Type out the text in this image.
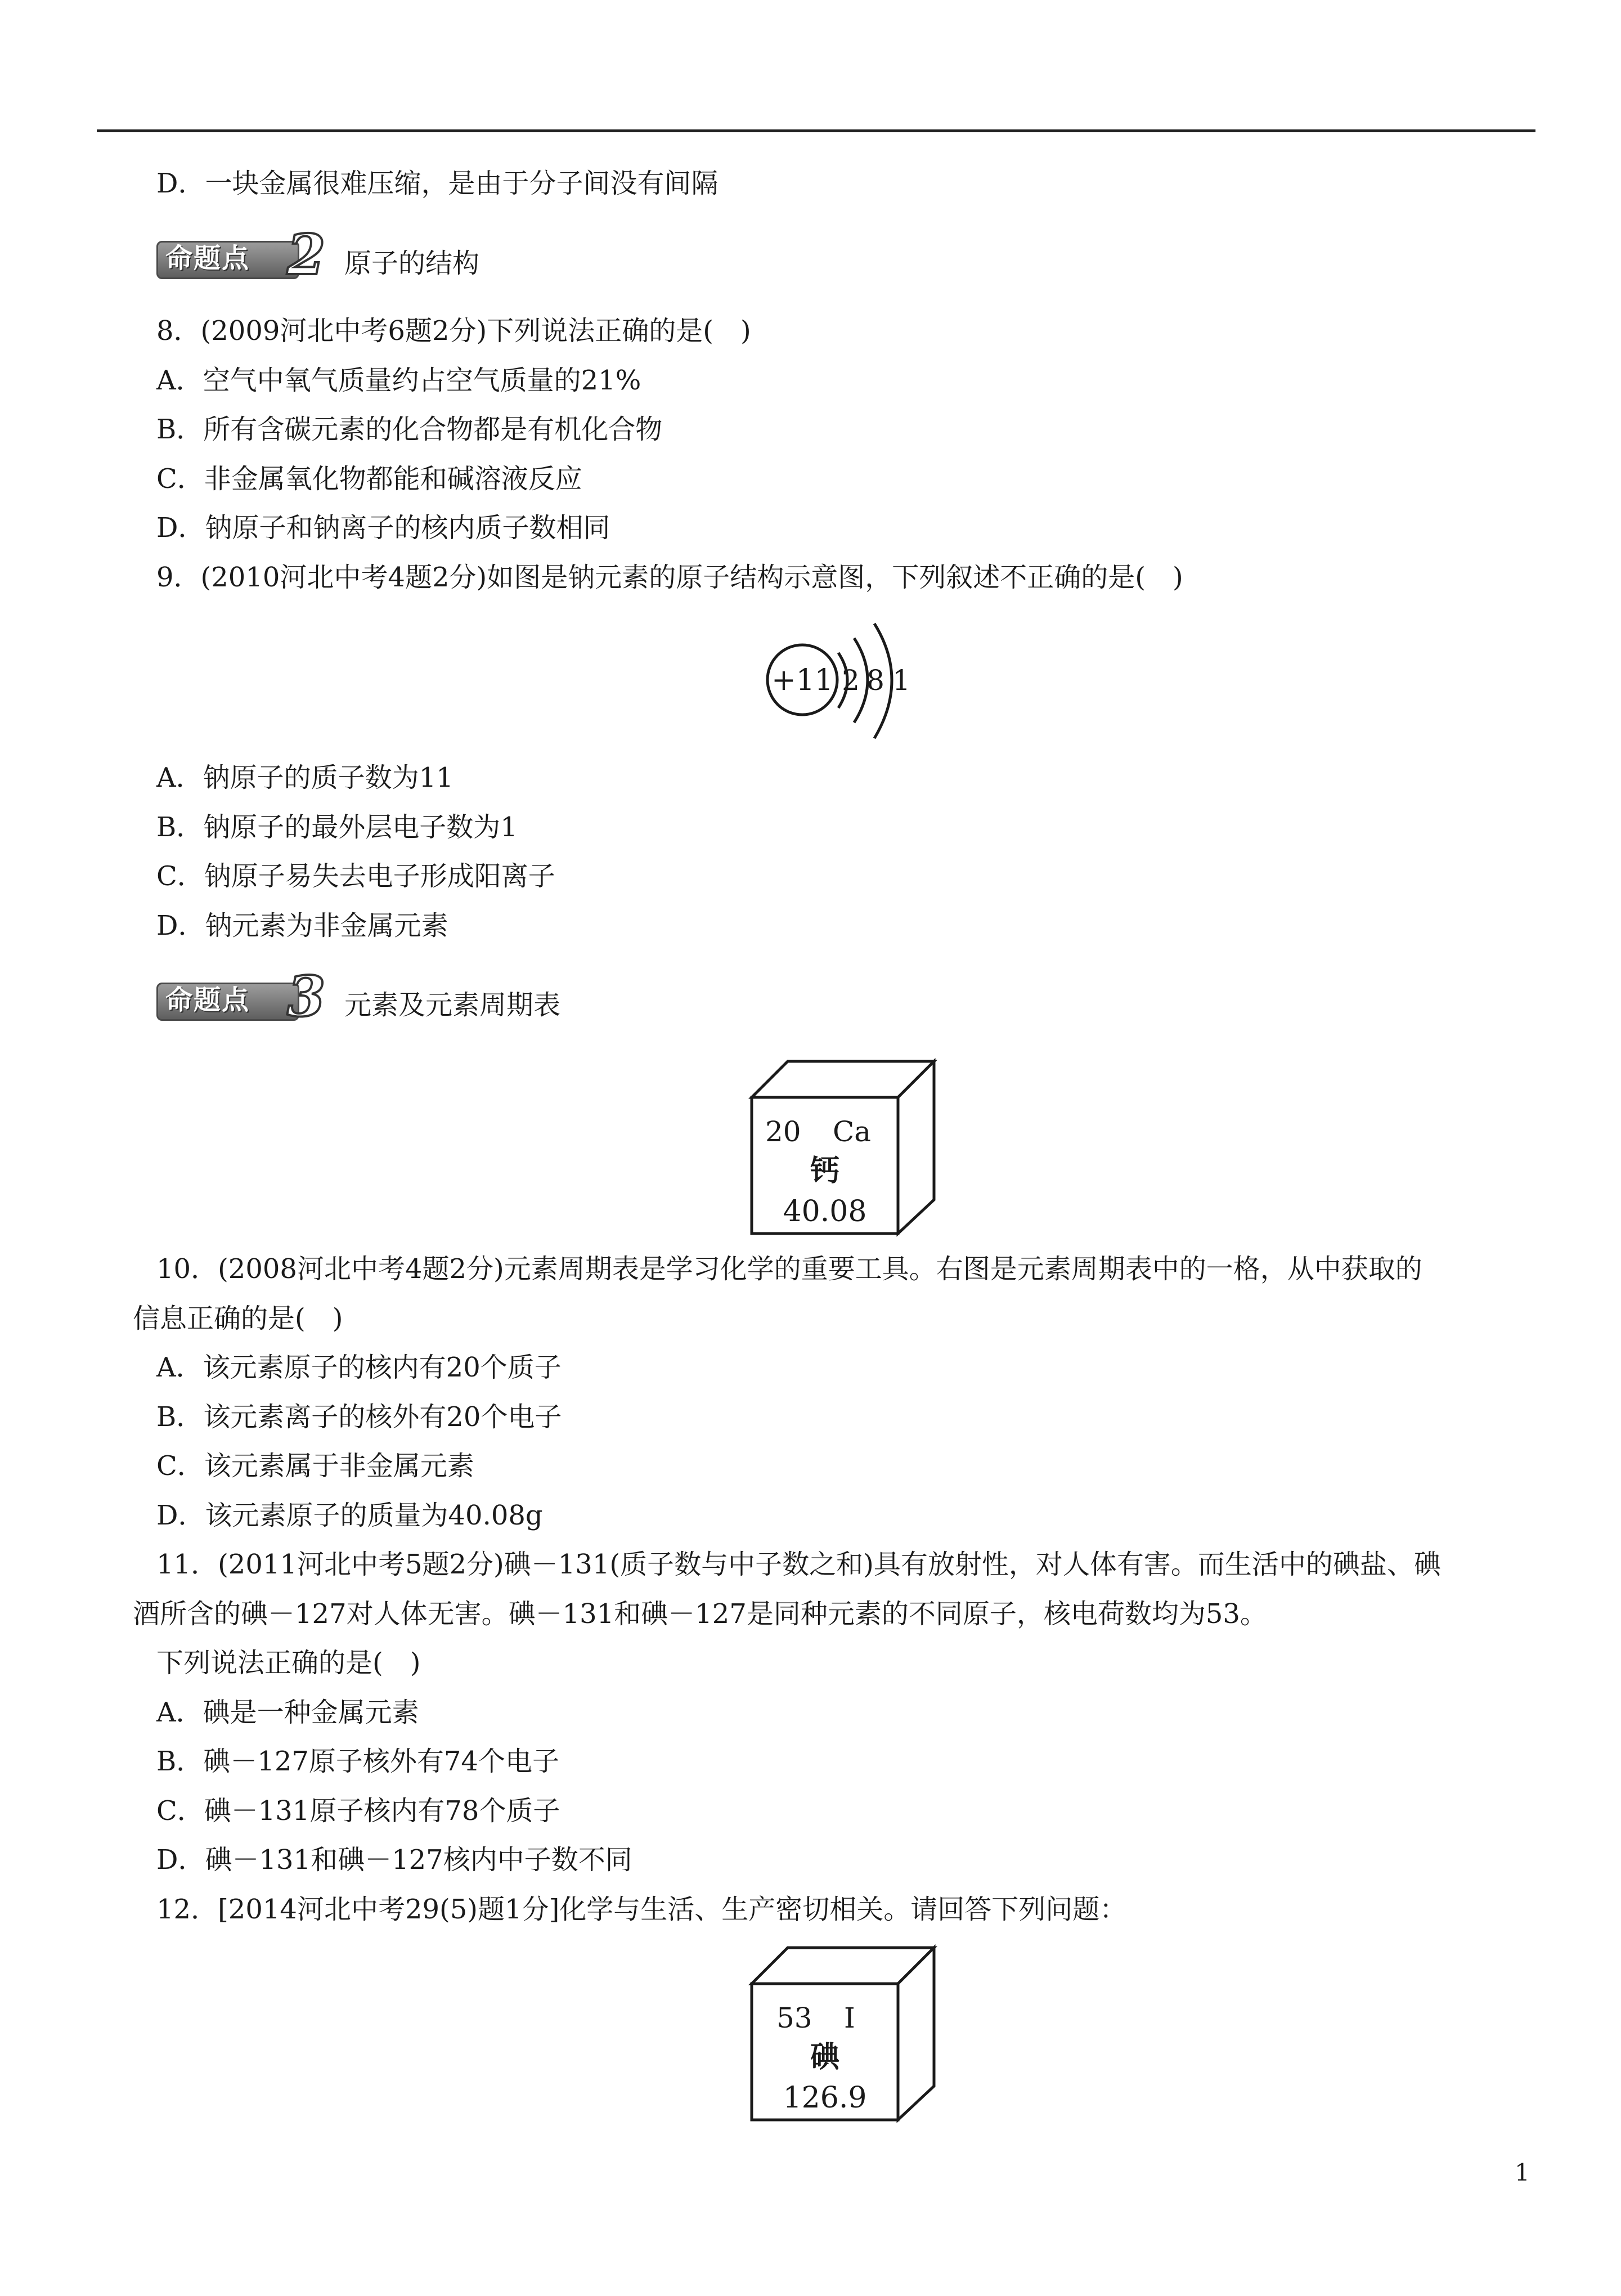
D．一块金属很难压缩，是由于分子间没有间隔
命题点 2 原子的结构
8．(2009河北中考6题2分)下列说法正确的是(　)
A．空气中氧气质量约占空气质量的21%
B．所有含碳元素的化合物都是有机化合物
C．非金属氧化物都能和碱溶液反应
D．钠原子和钠离子的核内质子数相同
9．(2010河北中考4题2分)如图是钠元素的原子结构示意图，下列叙述不正确的是(　)
+11 2 8 1
A．钠原子的质子数为11
B．钠原子的最外层电子数为1
C．钠原子易失去电子形成阳离子
D．钠元素为非金属元素
命题点 3 元素及元素周期表
20 Ca
钙
40.08
10．(2008河北中考4题2分)元素周期表是学习化学的重要工具。右图是元素周期表中的一格，从中获取的
信息正确的是(　)
A．该元素原子的核内有20个质子
B．该元素离子的核外有20个电子
C．该元素属于非金属元素
D．该元素原子的质量为40.08g
11．(2011河北中考5题2分)碘－131(质子数与中子数之和)具有放射性，对人体有害。而生活中的碘盐、碘
酒所含的碘－127对人体无害。碘－131和碘－127是同种元素的不同原子，核电荷数均为53。
下列说法正确的是(　)
A．碘是一种金属元素
B．碘－127原子核外有74个电子
C．碘－131原子核内有78个质子
D．碘－131和碘－127核内中子数不同
12．[2014河北中考29(5)题1分]化学与生活、生产密切相关。请回答下列问题：
53 I
碘
126.9
1
